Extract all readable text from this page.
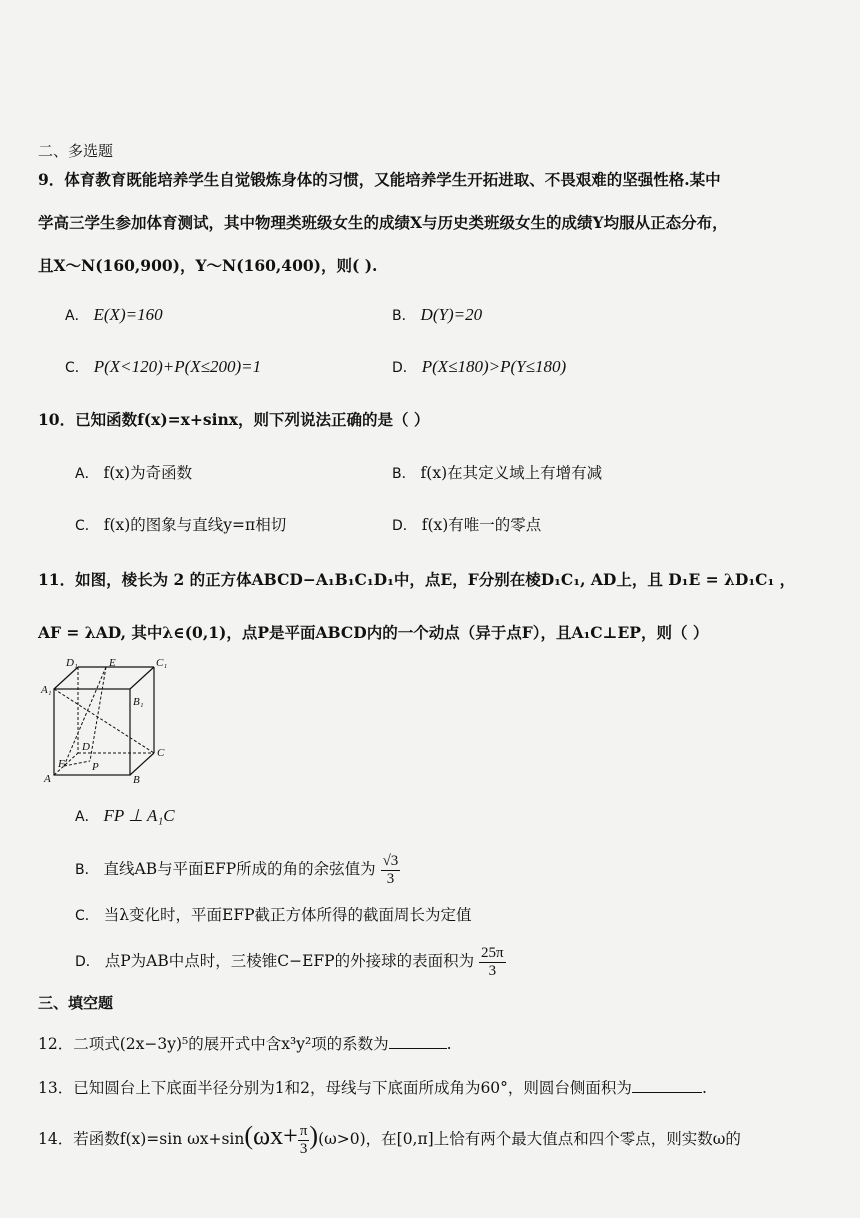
二、多选题
9．体育教育既能培养学生自觉锻炼身体的习惯，又能培养学生开拓进取、不畏艰难的坚强性格.某中
学高三学生参加体育测试，其中物理类班级女生的成绩X与历史类班级女生的成绩Y均服从正态分布，
且X～N(160,900)，Y～N(160,400)，则( ).
A． E(X)=160	B． D(Y)=20
C． P(X<120)+P(X≤200)=1	D． P(X≤180)>P(Y≤180)
10．已知函数f(x)=x+sinx，则下列说法正确的是（ ）
A． f(x)为奇函数	B． f(x)在其定义域上有增有减
C． f(x)的图象与直线y=π相切	D． f(x)有唯一的零点
11．如图，棱长为 2 的正方体ABCD−A₁B₁C₁D₁中，点E，F分别在棱D₁C₁, AD上，且 D₁E = λD₁C₁ ，
AF = λAD, 其中λ∈(0,1)，点P是平面ABCD内的一个动点（异于点F），且A₁C⊥EP，则（ ）
D₁	E	C₁
A₁
B₁
D	C
F P
A	B
A． FP ⊥ A₁C
B． 直线AB与平面EFP所成的角的余弦值为 $\frac{√3}{3}$
C． 当λ变化时，平面EFP截正方体所得的截面周长为定值
D． 点P为AB中点时，三棱锥C−EFP的外接球的表面积为 $\frac{25\pi}{3}$
三、填空题
12．二项式(2x−3y)⁵的展开式中含x³y²项的系数为	.
13．已知圆台上下底面半径分别为1和2，母线与下底面所成角为60°，则圆台侧面积为	.
14．若函数f(x)=sin $\omega x+\sin(\omega x+ \frac{\pi}{3} )(\omega>0)$，在[0,π]上恰有两个最大值点和四个零点，则实数ω的
